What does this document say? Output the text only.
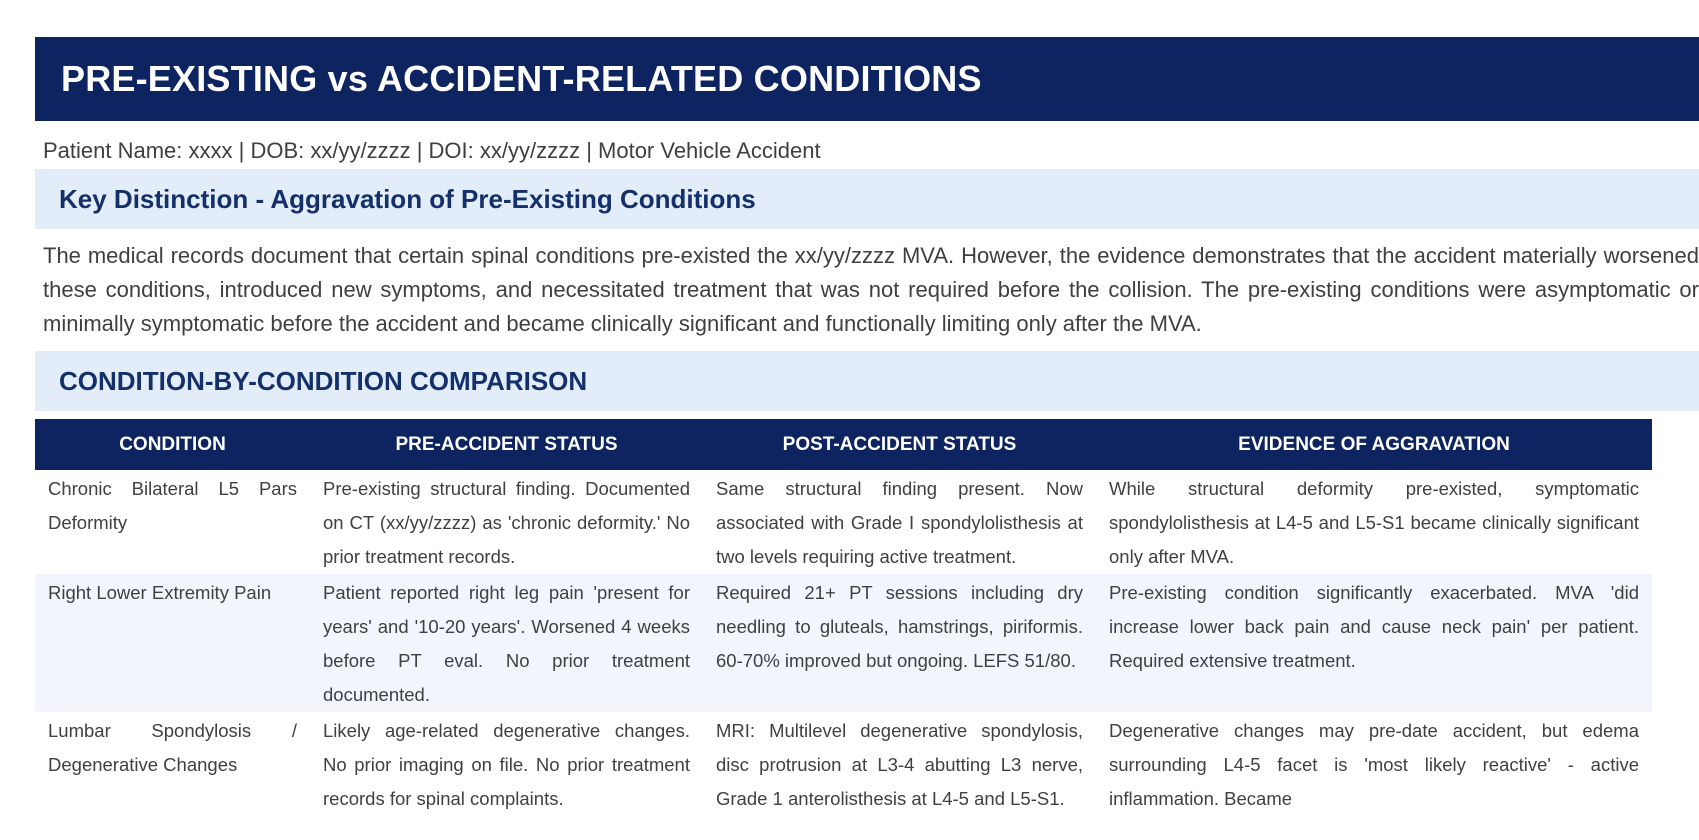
PRE-EXISTING vs ACCIDENT-RELATED CONDITIONS

Patient Name: xxxx | DOB: xx/yy/zzzz | DOI: xx/yy/zzzz | Motor Vehicle Accident

Key Distinction - Aggravation of Pre-Existing Conditions

The medical records document that certain spinal conditions pre-existed the xx/yy/zzzz MVA. However, the evidence demonstrates that the accident materially worsened these conditions, introduced new symptoms, and necessitated treatment that was not required before the collision. The pre-existing conditions were asymptomatic or minimally symptomatic before the accident and became clinically significant and functionally limiting only after the MVA.

CONDITION-BY-CONDITION COMPARISON
CONDITION	PRE-ACCIDENT STATUS	POST-ACCIDENT STATUS	EVIDENCE OF AGGRAVATION
Chronic Bilateral L5 Pars Deformity	Pre-existing structural finding. Documented on CT (xx/yy/zzzz) as 'chronic deformity.' No prior treatment records.	Same structural finding present. Now associated with Grade I spondylolisthesis at two levels requiring active treatment.	While structural deformity pre-existed, symptomatic spondylolisthesis at L4-5 and L5-S1 became clinically significant only after MVA.
Right Lower Extremity Pain	Patient reported right leg pain 'present for years' and '10-20 years'. Worsened 4 weeks before PT eval. No prior treatment documented.	Required 21+ PT sessions including dry needling to gluteals, hamstrings, piriformis. 60-70% improved but ongoing. LEFS 51/80.	Pre-existing condition significantly exacerbated. MVA 'did increase lower back pain and cause neck pain' per patient. Required extensive treatment.
Lumbar Spondylosis / Degenerative Changes	Likely age-related degenerative changes. No prior imaging on file. No prior treatment records for spinal complaints.	MRI: Multilevel degenerative spondylosis, disc protrusion at L3-4 abutting L3 nerve, Grade 1 anterolisthesis at L4-5 and L5-S1.	Degenerative changes may pre-date accident, but edema surrounding L4-5 facet is 'most likely reactive' - active inflammation. Became
